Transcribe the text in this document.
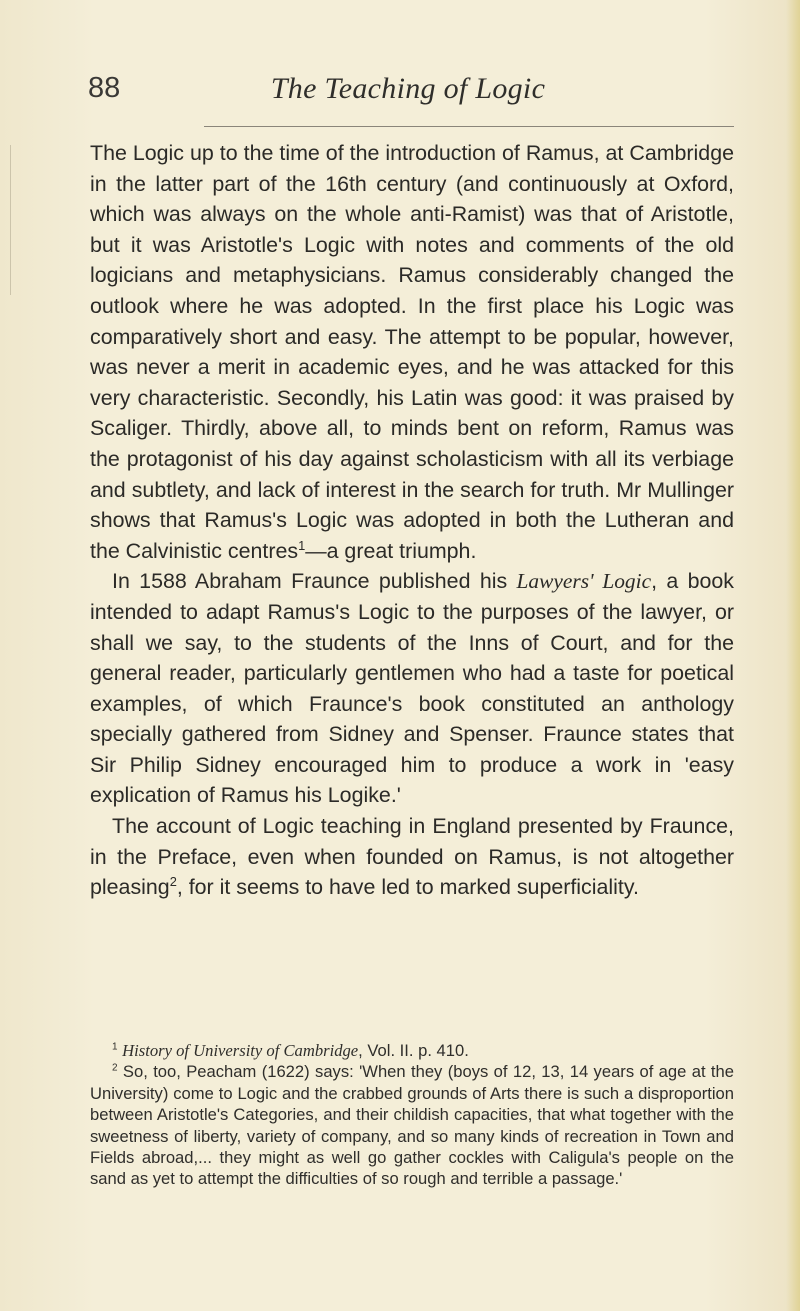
88	The Teaching of Logic

The Logic up to the time of the introduction of Ramus, at Cambridge in the latter part of the 16th century (and continuously at Oxford, which was always on the whole anti-Ramist) was that of Aristotle, but it was Aristotle's Logic with notes and comments of the old logicians and metaphysicians. Ramus considerably changed the outlook where he was adopted. In the first place his Logic was comparatively short and easy. The attempt to be popular, however, was never a merit in academic eyes, and he was attacked for this very characteristic. Secondly, his Latin was good: it was praised by Scaliger. Thirdly, above all, to minds bent on reform, Ramus was the protagonist of his day against scholasticism with all its verbiage and subtlety, and lack of interest in the search for truth. Mr Mullinger shows that Ramus's Logic was adopted in both the Lutheran and the Calvinistic centres$^1$—a great triumph.

In 1588 Abraham Fraunce published his Lawyers' Logic, a book intended to adapt Ramus's Logic to the purposes of the lawyer, or shall we say, to the students of the Inns of Court, and for the general reader, particularly gentlemen who had a taste for poetical examples, of which Fraunce's book constituted an anthology specially gathered from Sidney and Spenser. Fraunce states that Sir Philip Sidney encouraged him to produce a work in 'easy explication of Ramus his Logike.'

The account of Logic teaching in England presented by Fraunce, in the Preface, even when founded on Ramus, is not altogether pleasing$^2$, for it seems to have led to marked superficiality.

$^1$ History of University of Cambridge, Vol. II. p. 410.

$^2$ So, too, Peacham (1622) says: 'When they (boys of 12, 13, 14 years of age at the University) come to Logic and the crabbed grounds of Arts there is such a disproportion between Aristotle's Categories, and their childish capacities, that what together with the sweetness of liberty, variety of company, and so many kinds of recreation in Town and Fields abroad,... they might as well go gather cockles with Caligula's people on the sand as yet to attempt the difficulties of so rough and terrible a passage.'
